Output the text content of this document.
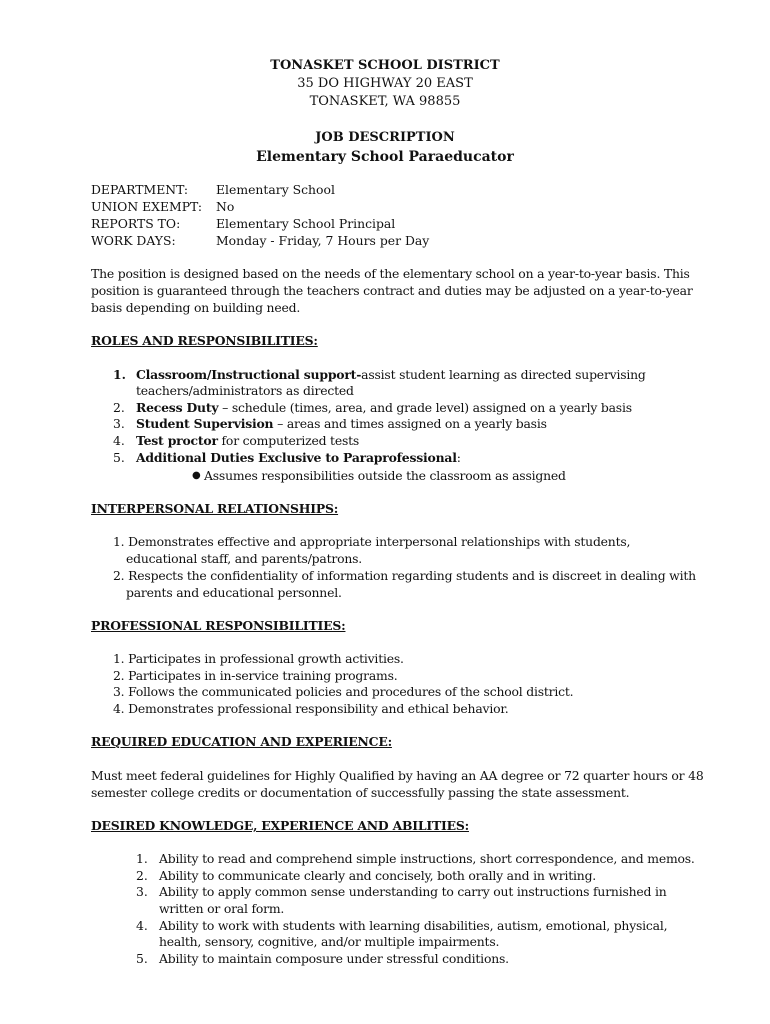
TONASKET SCHOOL DISTRICT
35 DO HIGHWAY 20 EAST
TONASKET, WA 98855
JOB DESCRIPTION
Elementary School Paraeducator
DEPARTMENT: Elementary School
UNION EXEMPT: No
REPORTS TO:	Elementary School Principal
WORK DAYS:	Monday - Friday, 7 Hours per Day
The position is designed based on the needs of the elementary school on a year-to-year basis. This
position is guaranteed through the teachers contract and duties may be adjusted on a year-to-year
basis depending on building need.
ROLES AND RESPONSIBILITIES:
1. Classroom/Instructional support-assist student learning as directed supervising
teachers/administrators as directed
2. Recess Duty – schedule (times, area, and grade level) assigned on a yearly basis
3. Student Supervision – areas and times assigned on a yearly basis
4. Test proctor for computerized tests
5. Additional Duties Exclusive to Paraprofessional:
● Assumes responsibilities outside the classroom as assigned
INTERPERSONAL RELATIONSHIPS:
1. Demonstrates effective and appropriate interpersonal relationships with students,
educational staff, and parents/patrons.
2. Respects the confidentiality of information regarding students and is discreet in dealing with
parents and educational personnel.
PROFESSIONAL RESPONSIBILITIES:
1. Participates in professional growth activities.
2. Participates in in-service training programs.
3. Follows the communicated policies and procedures of the school district.
4. Demonstrates professional responsibility and ethical behavior.
REQUIRED EDUCATION AND EXPERIENCE:
Must meet federal guidelines for Highly Qualified by having an AA degree or 72 quarter hours or 48
semester college credits or documentation of successfully passing the state assessment.
DESIRED KNOWLEDGE, EXPERIENCE AND ABILITIES:
1. Ability to read and comprehend simple instructions, short correspondence, and memos.
2. Ability to communicate clearly and concisely, both orally and in writing.
3. Ability to apply common sense understanding to carry out instructions furnished in
written or oral form.
4. Ability to work with students with learning disabilities, autism, emotional, physical,
health, sensory, cognitive, and/or multiple impairments.
5. Ability to maintain composure under stressful conditions.
